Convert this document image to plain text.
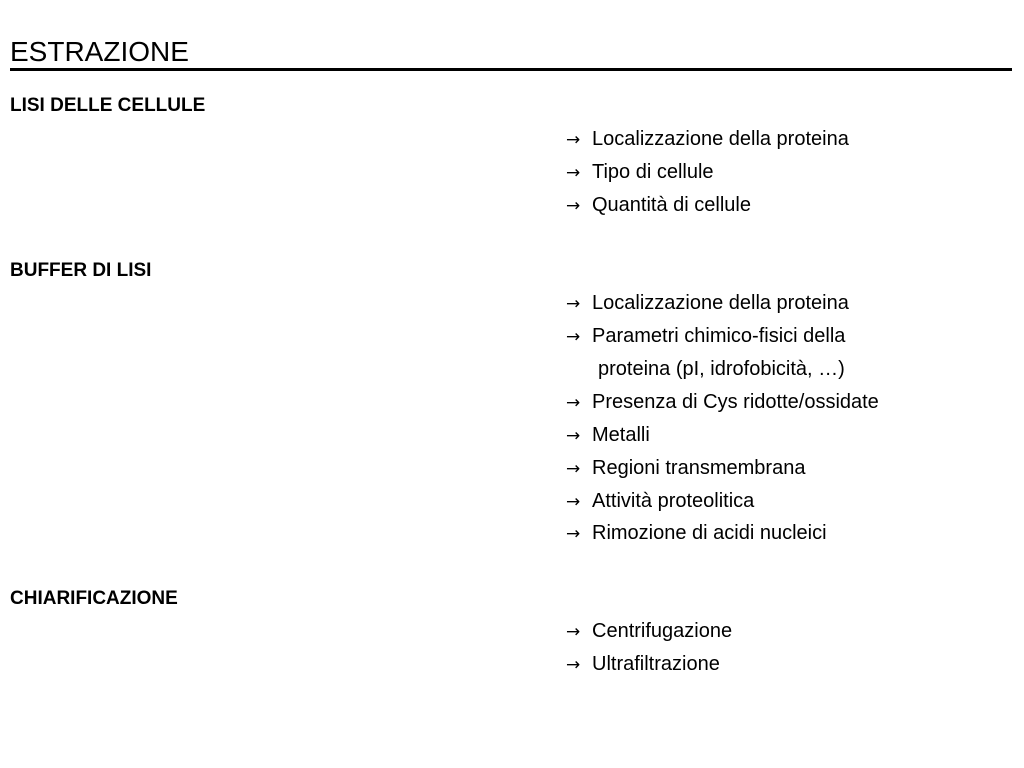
ESTRAZIONE
LISI DELLE CELLULE
→ Localizzazione della proteina
→ Tipo di cellule
→ Quantità di cellule
BUFFER DI LISI
→ Localizzazione della proteina
→ Parametri chimico-fisici della
proteina (pI, idrofobicità, …)
→ Presenza di Cys ridotte/ossidate
→ Metalli
→ Regioni transmembrana
→ Attività proteolitica
→ Rimozione di acidi nucleici
CHIARIFICAZIONE
→ Centrifugazione
→ Ultrafiltrazione
